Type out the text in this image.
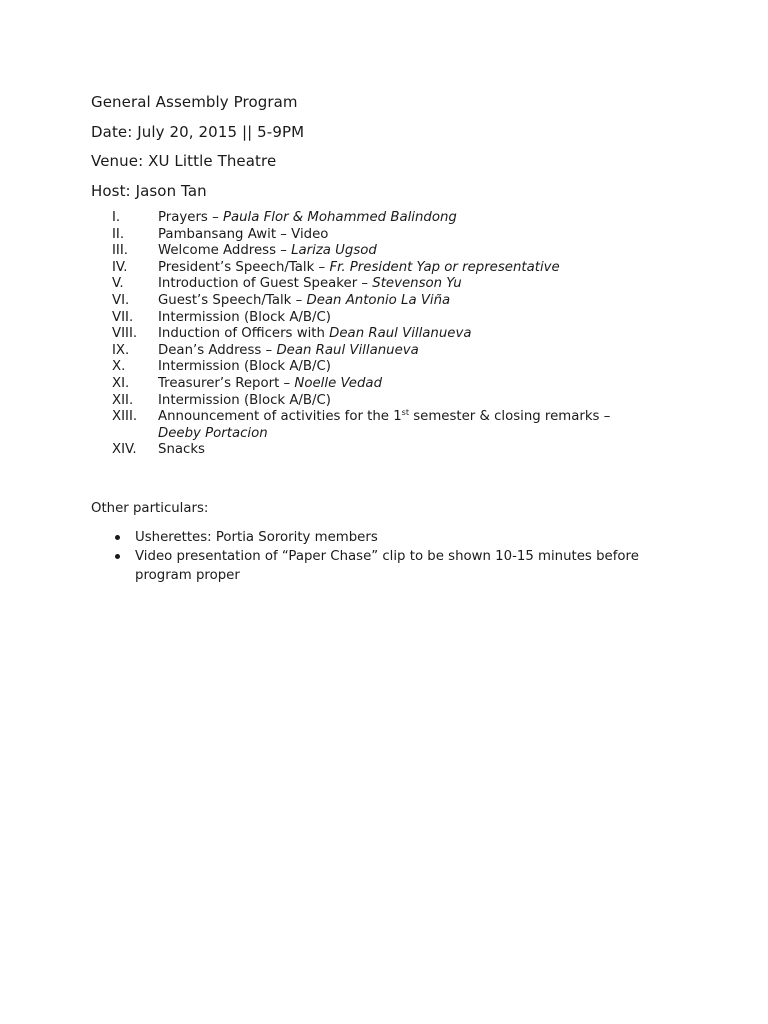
General Assembly Program
Date: July 20, 2015 || 5-9PM
Venue: XU Little Theatre
Host: Jason Tan
I.	Prayers – Paula Flor & Mohammed Balindong
II.	Pambansang Awit – Video
III. Welcome Address – Lariza Ugsod
IV. President’s Speech/Talk – Fr. President Yap or representative
V.	Introduction of Guest Speaker – Stevenson Yu
VI. Guest’s Speech/Talk – Dean Antonio La Viña
VII. Intermission (Block A/B/C)
VIII. Induction of Officers with Dean Raul Villanueva
IX. Dean’s Address – Dean Raul Villanueva
X. Intermission (Block A/B/C)
XI. Treasurer’s Report – Noelle Vedad
XII. Intermission (Block A/B/C)
XIII. Announcement of activities for the 1st semester & closing remarks –
Deeby Portacion
XIV. Snacks
Other particulars:
Usherettes: Portia Sorority members
Video presentation of “Paper Chase” clip to be shown 10-15 minutes before program proper
